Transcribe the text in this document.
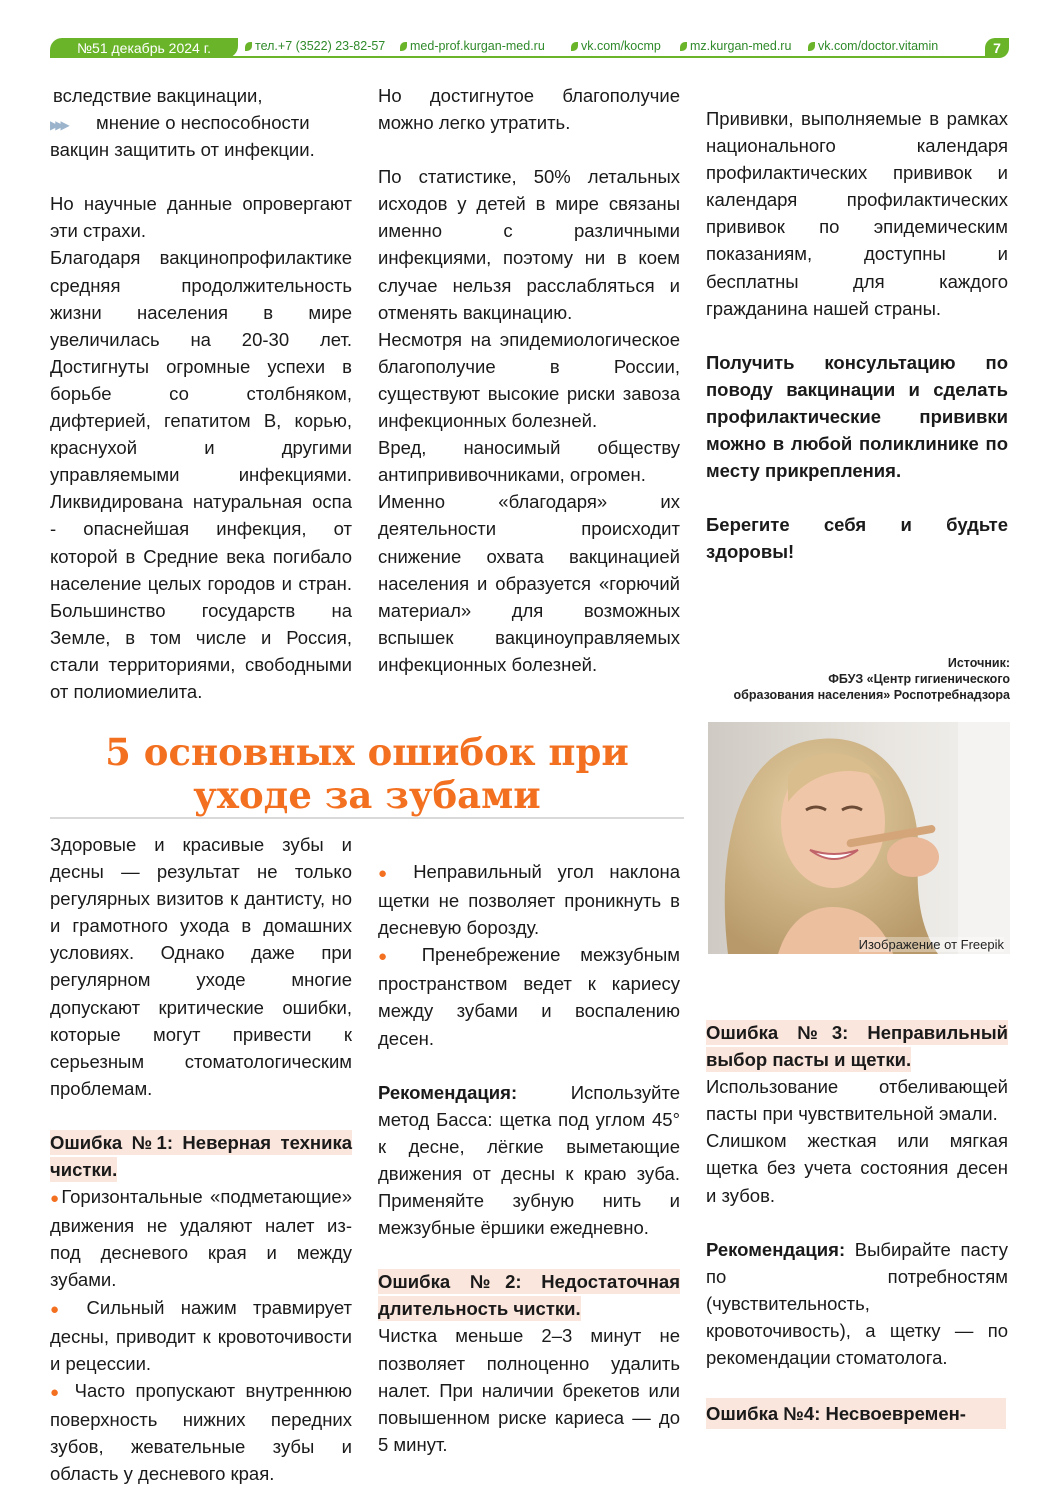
№51 декабрь 2024 г.	тел.+7 (3522) 23-82-57	med-prof.kurgan-med.ru	vk.com/kocmp	mz.kurgan-med.ru	vk.com/doctor.vitamin	7

вследствие вакцинации,

▶▶▶ мнение о неспособности вакцин защитить от инфекции.

Но научные данные опровергают эти страхи.

Благодаря вакцинопрофилактике средняя продолжительность жизни населения в мире увеличилась на 20-30 лет. Достигнуты огромные успехи в борьбе со столбняком, дифтерией, гепатитом В, корью, краснухой и другими управляемыми инфекциями. Ликвидирована натуральная оспа - опаснейшая инфекция, от которой в Средние века погибало население целых городов и стран. Большинство государств на Земле, в том числе и Россия, стали территориями, свободными от полиомиелита.

Но достигнутое благополучие можно легко утратить.

По статистике, 50% летальных исходов у детей в мире связаны именно с различными инфекциями, поэтому ни в коем случае нельзя расслабляться и отменять вакцинацию.

Несмотря на эпидемиологическое благополучие в России, существуют высокие риски завоза инфекционных болезней.

Вред, наносимый обществу антипрививочниками, огромен.

Именно «благодаря» их деятельности происходит снижение охвата вакцинацией населения и образуется «горючий материал» для возможных вспышек вакциноуправляемых инфекционных болезней.

Прививки, выполняемые в рамках национального календаря профилактических прививок и календаря профилактических прививок по эпидемическим показаниям, доступны и бесплатны для каждого гражданина нашей страны.

Получить консультацию по поводу вакцинации и сделать профилактические прививки можно в любой поликлинике по месту прикрепления.

Берегите себя и будьте здоровы!

Источник:
ФБУЗ «Центр гигиенического
образования населения» Роспотребнадзора
5 основных ошибок при
уходе за зубами
Изображение от Freepik

Здоровые и красивые зубы и десны — результат не только регулярных визитов к дантисту, но и грамотного ухода в домашних условиях. Однако даже при регулярном уходе многие допускают критические ошибки, которые могут привести к серьезным стоматологическим проблемам.

Ошибка №1: Неверная техника чистки.

●Горизонтальные «подметающие» движения не удаляют налет из-под десневого края и между зубами.

● Сильный нажим травмирует десны, приводит к кровоточивости и рецессии.

● Часто пропускают внутреннюю поверхность нижних передних зубов, жевательные зубы и область у десневого края.

● Неправильный угол наклона щетки не позволяет проникнуть в десневую борозду.

● Пренебрежение межзубным пространством ведет к кариесу между зубами и воспалению десен.

Рекомендация: Используйте метод Басса: щетка под углом 45° к десне, лёгкие выметающие движения от десны к краю зуба. Применяйте зубную нить и межзубные ёршики ежедневно.

Ошибка №2: Недостаточная длительность чистки.

Чистка меньше 2–3 минут не позволяет полноценно удалить налет. При наличии брекетов или повышенном риске кариеса — до 5 минут.

Ошибка №3: Неправильный выбор пасты и щетки.

Использование отбеливающей пасты при чувствительной эмали.

Слишком жесткая или мягкая щетка без учета состояния десен и зубов.

Рекомендация: Выбирайте пасту по потребностям (чувствительность, кровоточивость), а щетку — по рекомендации стоматолога.

Ошибка №4: Несвоевремен-
